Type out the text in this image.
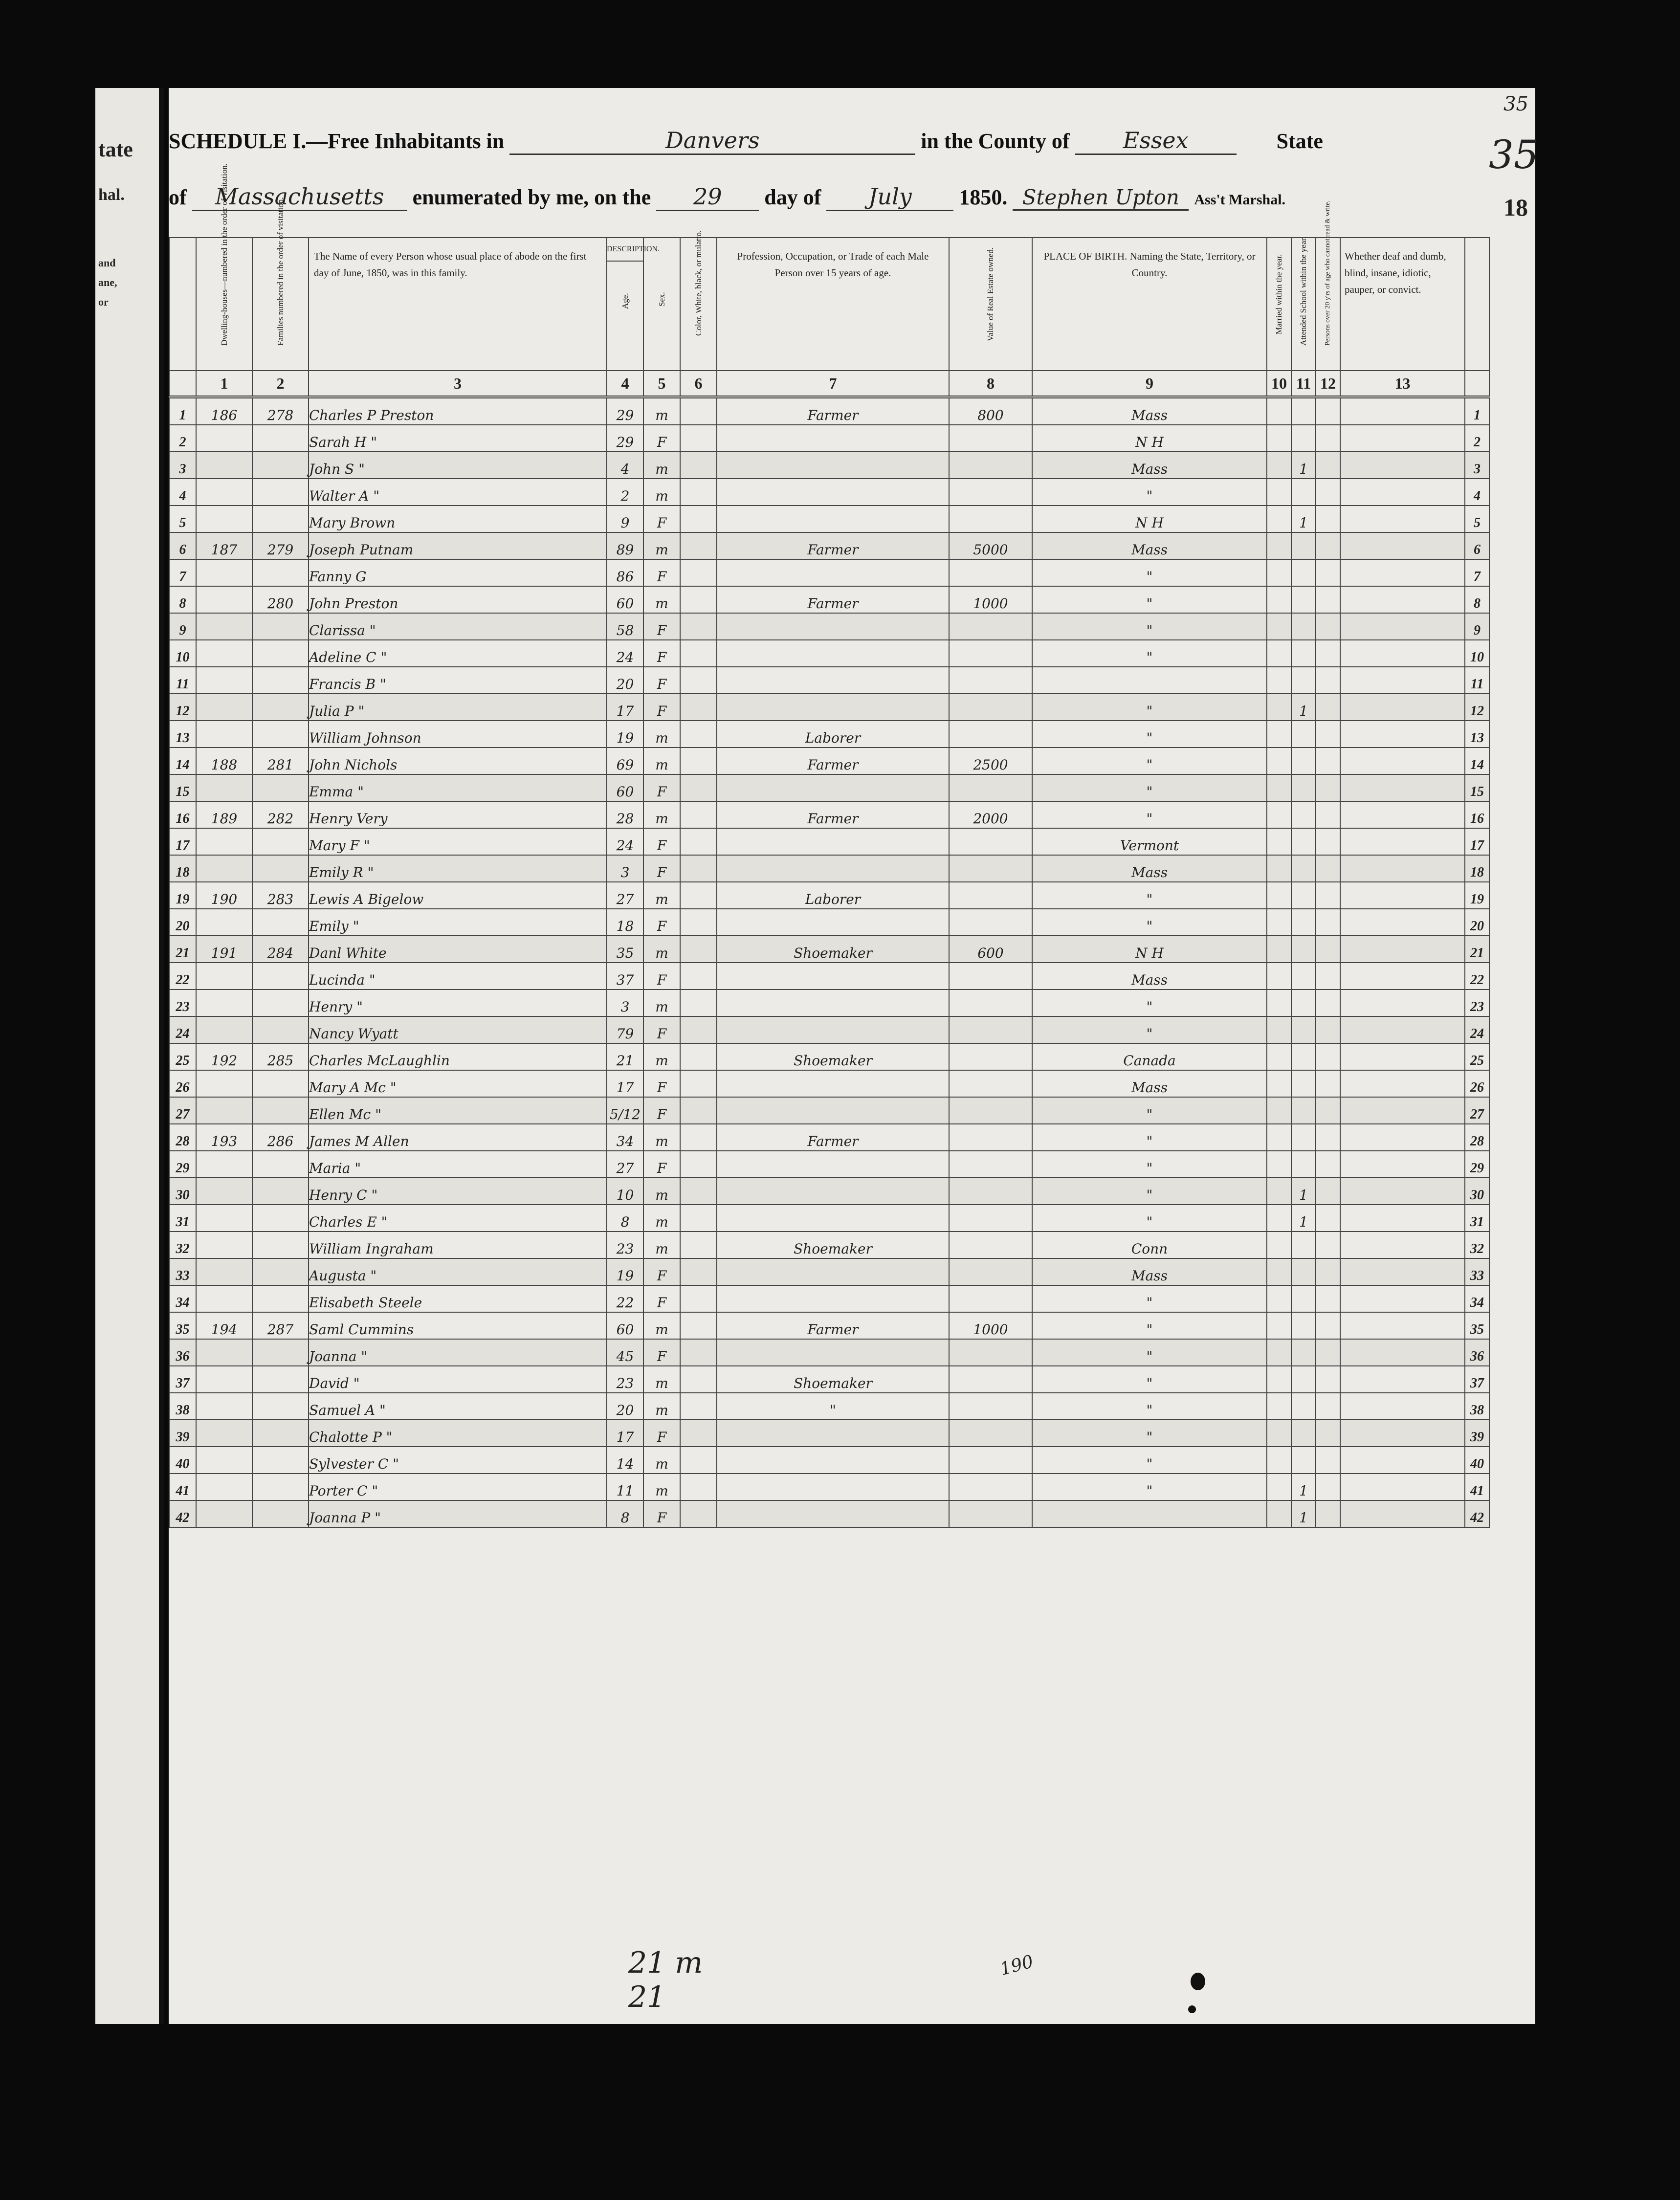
tate
hal.
and
ane,
or
SCHEDULE I.—Free Inhabitants in	Danvers	in the County of Essex	State
of Massachusetts enumerated by me, on the 29 day of July 1850. Stephen Upton Ass't Marshal.
35
35
18
	Dwelling-houses—numbered in the order of visitation.	Families numbered in the order of visitation.	The Name of every Person whose usual place of abode on the first day of June, 1850, was in this family.	DESCRIPTION.
Age.	Sex.	Color, White, black, or mulatto.	Profession, Occupation, or Trade of each Male Person over 15 years of age.	Value of Real Estate owned.	PLACE OF BIRTH. Naming the State, Territory, or Country.	Married within the year.	Attended School within the year.	Persons over 20 y'rs of age who cannot read & write.	Whether deaf and dumb, blind, insane, idiotic, pauper, or convict.	
	1	2	3	4	5	6	7	8	9	10	11	12	13	
1	186	278	Charles P Preston	29	m		Farmer	800	Mass					1
2			Sarah H "	29	F				N H					2
3			John S "	4	m				Mass		1			3
4			Walter A "	2	m				"					4
5			Mary Brown	9	F				N H		1			5
6	187	279	Joseph Putnam	89	m		Farmer	5000	Mass					6
7			Fanny G	86	F				"					7
8		280	John Preston	60	m		Farmer	1000	"					8
9			Clarissa "	58	F				"					9
10			Adeline C "	24	F				"					10
11			Francis B "	20	F									11
12			Julia P "	17	F				"		1			12
13			William Johnson	19	m		Laborer		"					13
14	188	281	John Nichols	69	m		Farmer	2500	"					14
15			Emma "	60	F				"					15
16	189	282	Henry Very	28	m		Farmer	2000	"					16
17			Mary F "	24	F				Vermont					17
18			Emily R "	3	F				Mass					18
19	190	283	Lewis A Bigelow	27	m		Laborer		"					19
20			Emily "	18	F				"					20
21	191	284	Danl White	35	m		Shoemaker	600	N H					21
22			Lucinda "	37	F				Mass					22
23			Henry "	3	m				"					23
24			Nancy Wyatt	79	F				"					24
25	192	285	Charles McLaughlin	21	m		Shoemaker		Canada					25
26			Mary A Mc "	17	F				Mass					26
27			Ellen Mc "	5/12	F				"					27
28	193	286	James M Allen	34	m		Farmer		"					28
29			Maria "	27	F				"					29
30			Henry C "	10	m				"		1			30
31			Charles E "	8	m				"		1			31
32			William Ingraham	23	m		Shoemaker		Conn					32
33			Augusta "	19	F				Mass					33
34			Elisabeth Steele	22	F				"					34
35	194	287	Saml Cummins	60	m		Farmer	1000	"					35
36			Joanna "	45	F				"					36
37			David "	23	m		Shoemaker		"					37
38			Samuel A "	20	m		"		"					38
39			Chalotte P "	17	F				"					39
40			Sylvester C "	14	m				"					40
41			Porter C "	11	m				"		1			41
42			Joanna P "	8	F						1			42
21 m
21
190
